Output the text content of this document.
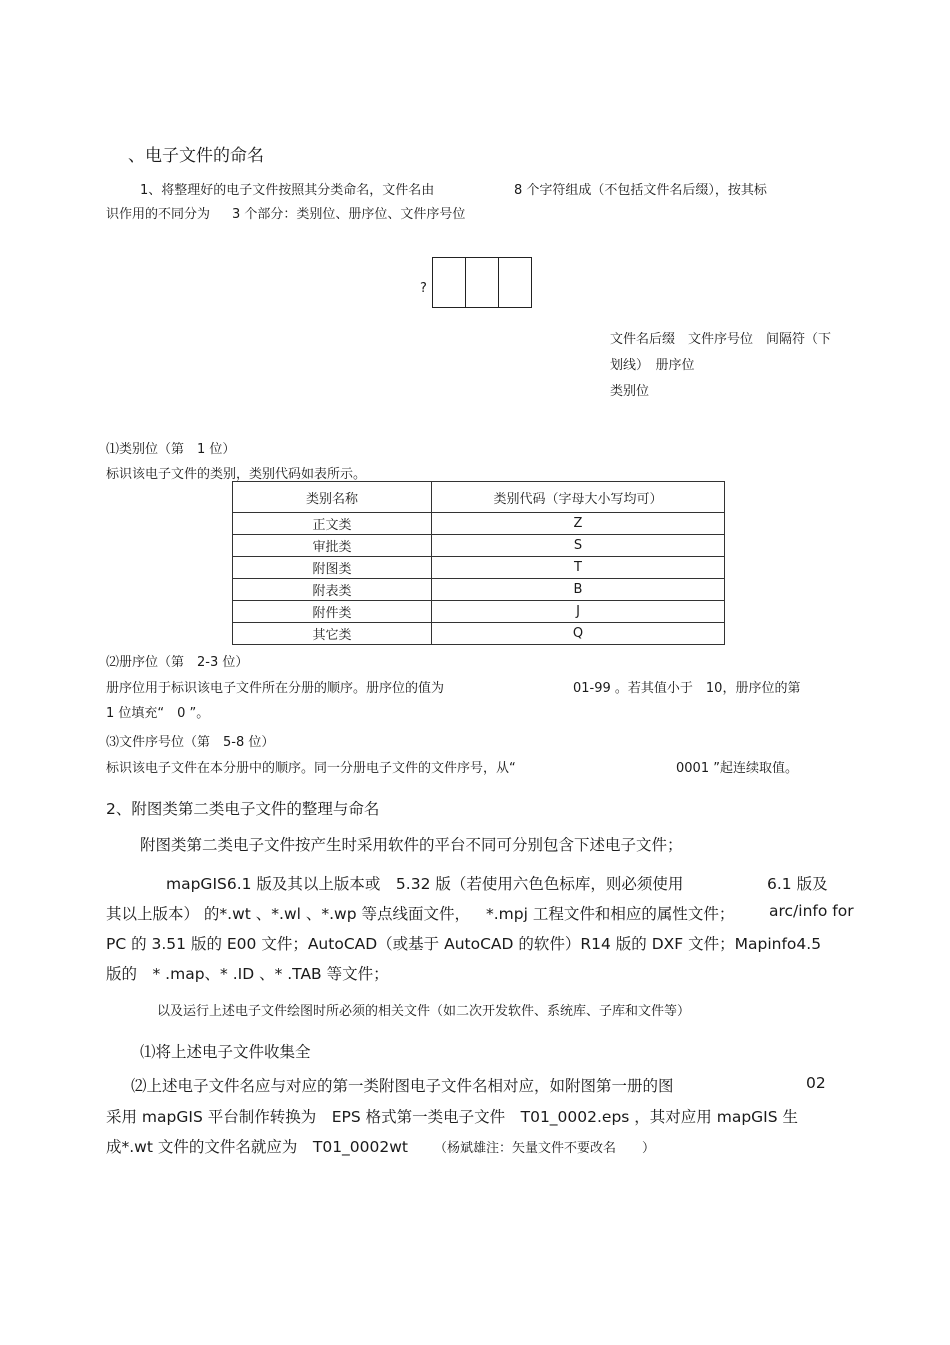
、电子文件的命名
1、将整理好的电子文件按照其分类命名，文件名由	8 个字符组成（不包括文件名后缀），按其标
识作用的不同分为 3 个部分：类别位、册序位、文件序号位
?
文件名后缀　文件序号位　间隔符（下
划线）　册序位
类别位
⑴类别位（第　1 位）
标识该电子文件的类别，类别代码如表所示。
类别名称	类别代码（字母大小写均可）
正文类	Z
审批类	S
附图类	T
附表类	B
附件类	J
其它类	Q
⑵册序位（第　2-3 位）
册序位用于标识该电子文件所在分册的顺序。册序位的值为	01-99 。若其值小于　10，册序位的第
1 位填充“　0 ”。
⑶文件序号位（第　5-8 位）
标识该电子文件在本分册中的顺序。同一分册电子文件的文件序号，从“	0001 ”起连续取值。
2、附图类第二类电子文件的整理与命名
附图类第二类电子文件按产生时采用软件的平台不同可分别包含下述电子文件；
mapGIS6.1 版及其以上版本或　5.32 版（若使用六色色标库，则必须使用	6.1 版及
其以上版本） 的*.wt 、*.wl 、*.wp 等点线面文件， *.mpj 工程文件和相应的属性文件； arc/info for
PC 的 3.51 版的 E00 文件；AutoCAD（或基于 AutoCAD 的软件）R14 版的 DXF 文件；Mapinfo4.5
版的　* .map、* .ID 、* .TAB 等文件；
以及运行上述电子文件绘图时所必须的相关文件（如二次开发软件、系统库、子库和文件等）
⑴将上述电子文件收集全
⑵上述电子文件名应与对应的第一类附图电子文件名相对应，如附图第一册的图	02
采用 mapGIS 平台制作转换为　EPS 格式第一类电子文件　T01_0002.eps ，其对应用 mapGIS 生
成*.wt 文件的文件名就应为　T01_0002wt （杨斌雄注：矢量文件不要改名　　）
